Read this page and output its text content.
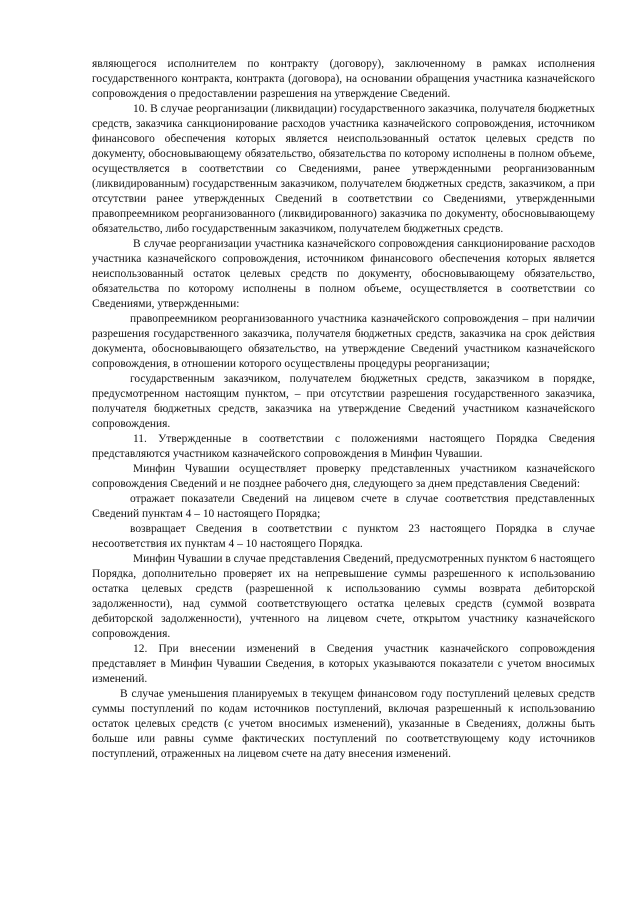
являющегося исполнителем по контракту (договору), заключенному в рамках исполнения государственного контракта, контракта (договора), на основании обращения участника казначейского сопровождения о предоставлении разрешения на утверждение Сведений.

10. В случае реорганизации (ликвидации) государственного заказчика, получателя бюджетных средств, заказчика санкционирование расходов участника казначейского сопровождения, источником финансового обеспечения которых является неиспользованный остаток целевых средств по документу, обосновывающему обязательство, обязательства по которому исполнены в полном объеме, осуществляется в соответствии со Сведениями, ранее утвержденными реорганизованным (ликвидированным) государственным заказчиком, получателем бюджетных средств, заказчиком, а при отсутствии ранее утвержденных Сведений в соответствии со Сведениями, утвержденными правопреемником реорганизованного (ликвидированного) заказчика по документу, обосновывающему обязательство, либо государственным заказчиком, получателем бюджетных средств.

В случае реорганизации участника казначейского сопровождения санкционирование расходов участника казначейского сопровождения, источником финансового обеспечения которых является неиспользованный остаток целевых средств по документу, обосновывающему обязательство, обязательства по которому исполнены в полном объеме, осуществляется в соответствии со Сведениями, утвержденными:

правопреемником реорганизованного участника казначейского сопровождения – при наличии разрешения государственного заказчика, получателя бюджетных средств, заказчика на срок действия документа, обосновывающего обязательство, на утверждение Сведений участником казначейского сопровождения, в отношении которого осуществлены процедуры реорганизации;

государственным заказчиком, получателем бюджетных средств, заказчиком в порядке, предусмотренном настоящим пунктом, – при отсутствии разрешения государственного заказчика, получателя бюджетных средств, заказчика на утверждение Сведений участником казначейского сопровождения.

11. Утвержденные в соответствии с положениями настоящего Порядка Сведения представляются участником казначейского сопровождения в Минфин Чувашии.

Минфин Чувашии осуществляет проверку представленных участником казначейского сопровождения Сведений и не позднее рабочего дня, следующего за днем представления Сведений:

отражает показатели Сведений на лицевом счете в случае соответствия представленных Сведений пунктам 4 – 10 настоящего Порядка;

возвращает Сведения в соответствии с пунктом 23 настоящего Порядка в случае несоответствия их пунктам 4 – 10 настоящего Порядка.

Минфин Чувашии в случае представления Сведений, предусмотренных пунктом 6 настоящего Порядка, дополнительно проверяет их на непревышение суммы разрешенного к использованию остатка целевых средств (разрешенной к использованию суммы возврата дебиторской задолженности), над суммой соответствующего остатка целевых средств (суммой возврата дебиторской задолженности), учтенного на лицевом счете, открытом участнику казначейского сопровождения.

12. При внесении изменений в Сведения участник казначейского сопровождения представляет в Минфин Чувашии Сведения, в которых указываются показатели с учетом вносимых изменений.

В случае уменьшения планируемых в текущем финансовом году поступлений целевых средств суммы поступлений по кодам источников поступлений, включая разрешенный к использованию остаток целевых средств (с учетом вносимых изменений), указанные в Сведениях, должны быть больше или равны сумме фактических поступлений по соответствующему коду источников поступлений, отраженных на лицевом счете на дату внесения изменений.
